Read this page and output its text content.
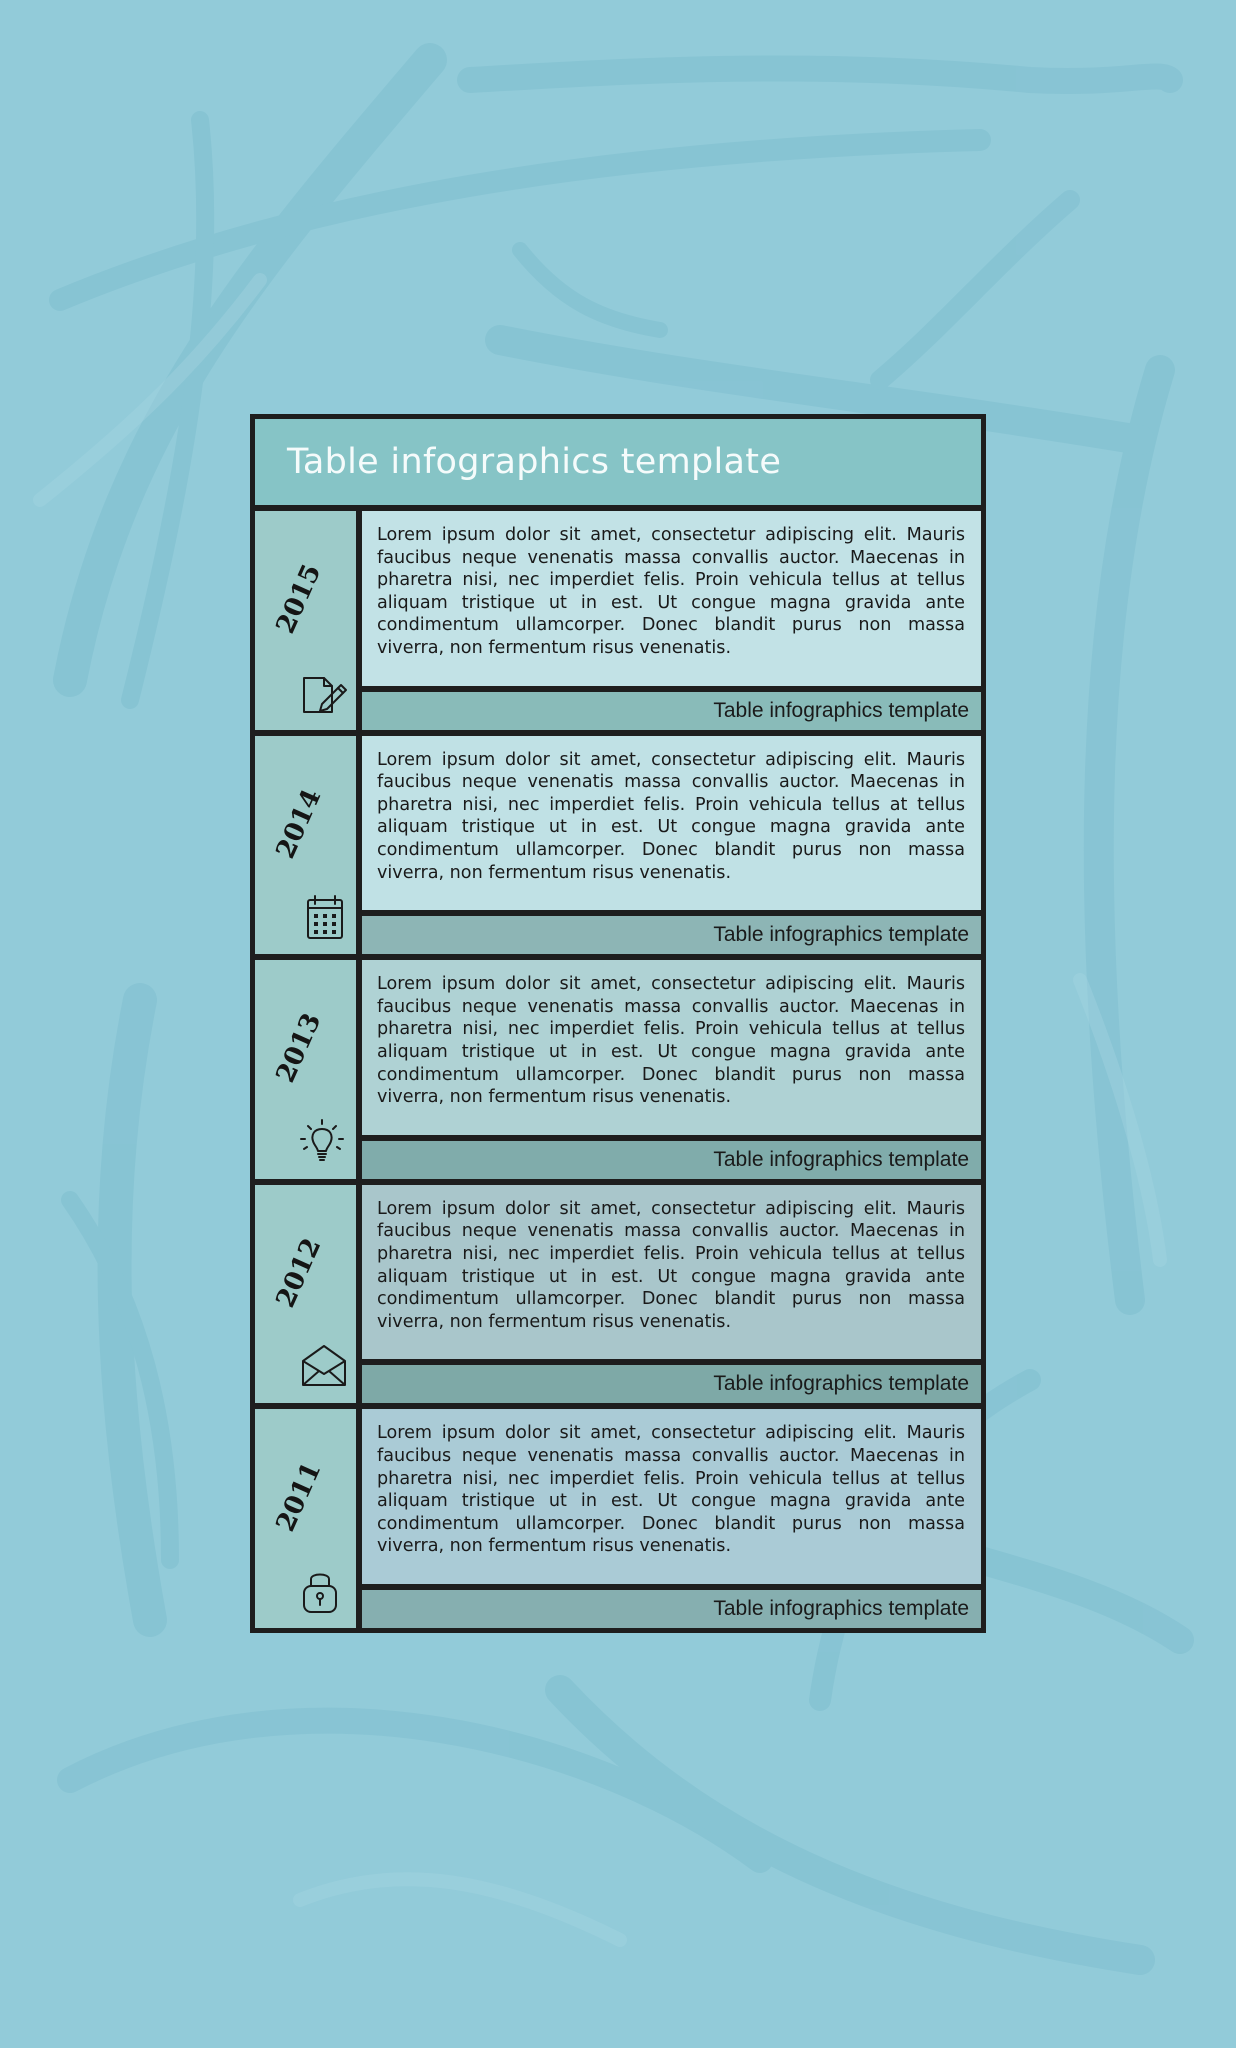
Table infographics template
2015
Lorem ipsum dolor sit amet, consectetur adipiscing elit. Mauris faucibus neque venenatis massa convallis auctor. Maecenas in pharetra nisi, nec imperdiet felis. Proin vehicula tellus at tellus aliquam tristique ut in est. Ut congue magna gravida ante condimentum ullamcorper. Donec blandit purus non massa viverra, non fermentum risus venenatis.
Table infographics template
2014
Lorem ipsum dolor sit amet, consectetur adipiscing elit. Mauris faucibus neque venenatis massa convallis auctor. Maecenas in pharetra nisi, nec imperdiet felis. Proin vehicula tellus at tellus aliquam tristique ut in est. Ut congue magna gravida ante condimentum ullamcorper. Donec blandit purus non massa viverra, non fermentum risus venenatis.
Table infographics template
2013
Lorem ipsum dolor sit amet, consectetur adipiscing elit. Mauris faucibus neque venenatis massa convallis auctor. Maecenas in pharetra nisi, nec imperdiet felis. Proin vehicula tellus at tellus aliquam tristique ut in est. Ut congue magna gravida ante condimentum ullamcorper. Donec blandit purus non massa viverra, non fermentum risus venenatis.
Table infographics template
2012
Lorem ipsum dolor sit amet, consectetur adipiscing elit. Mauris faucibus neque venenatis massa convallis auctor. Maecenas in pharetra nisi, nec imperdiet felis. Proin vehicula tellus at tellus aliquam tristique ut in est. Ut congue magna gravida ante condimentum ullamcorper. Donec blandit purus non massa viverra, non fermentum risus venenatis.
Table infographics template
2011
Lorem ipsum dolor sit amet, consectetur adipiscing elit. Mauris faucibus neque venenatis massa convallis auctor. Maecenas in pharetra nisi, nec imperdiet felis. Proin vehicula tellus at tellus aliquam tristique ut in est. Ut congue magna gravida ante condimentum ullamcorper. Donec blandit purus non massa viverra, non fermentum risus venenatis.
Table infographics template
